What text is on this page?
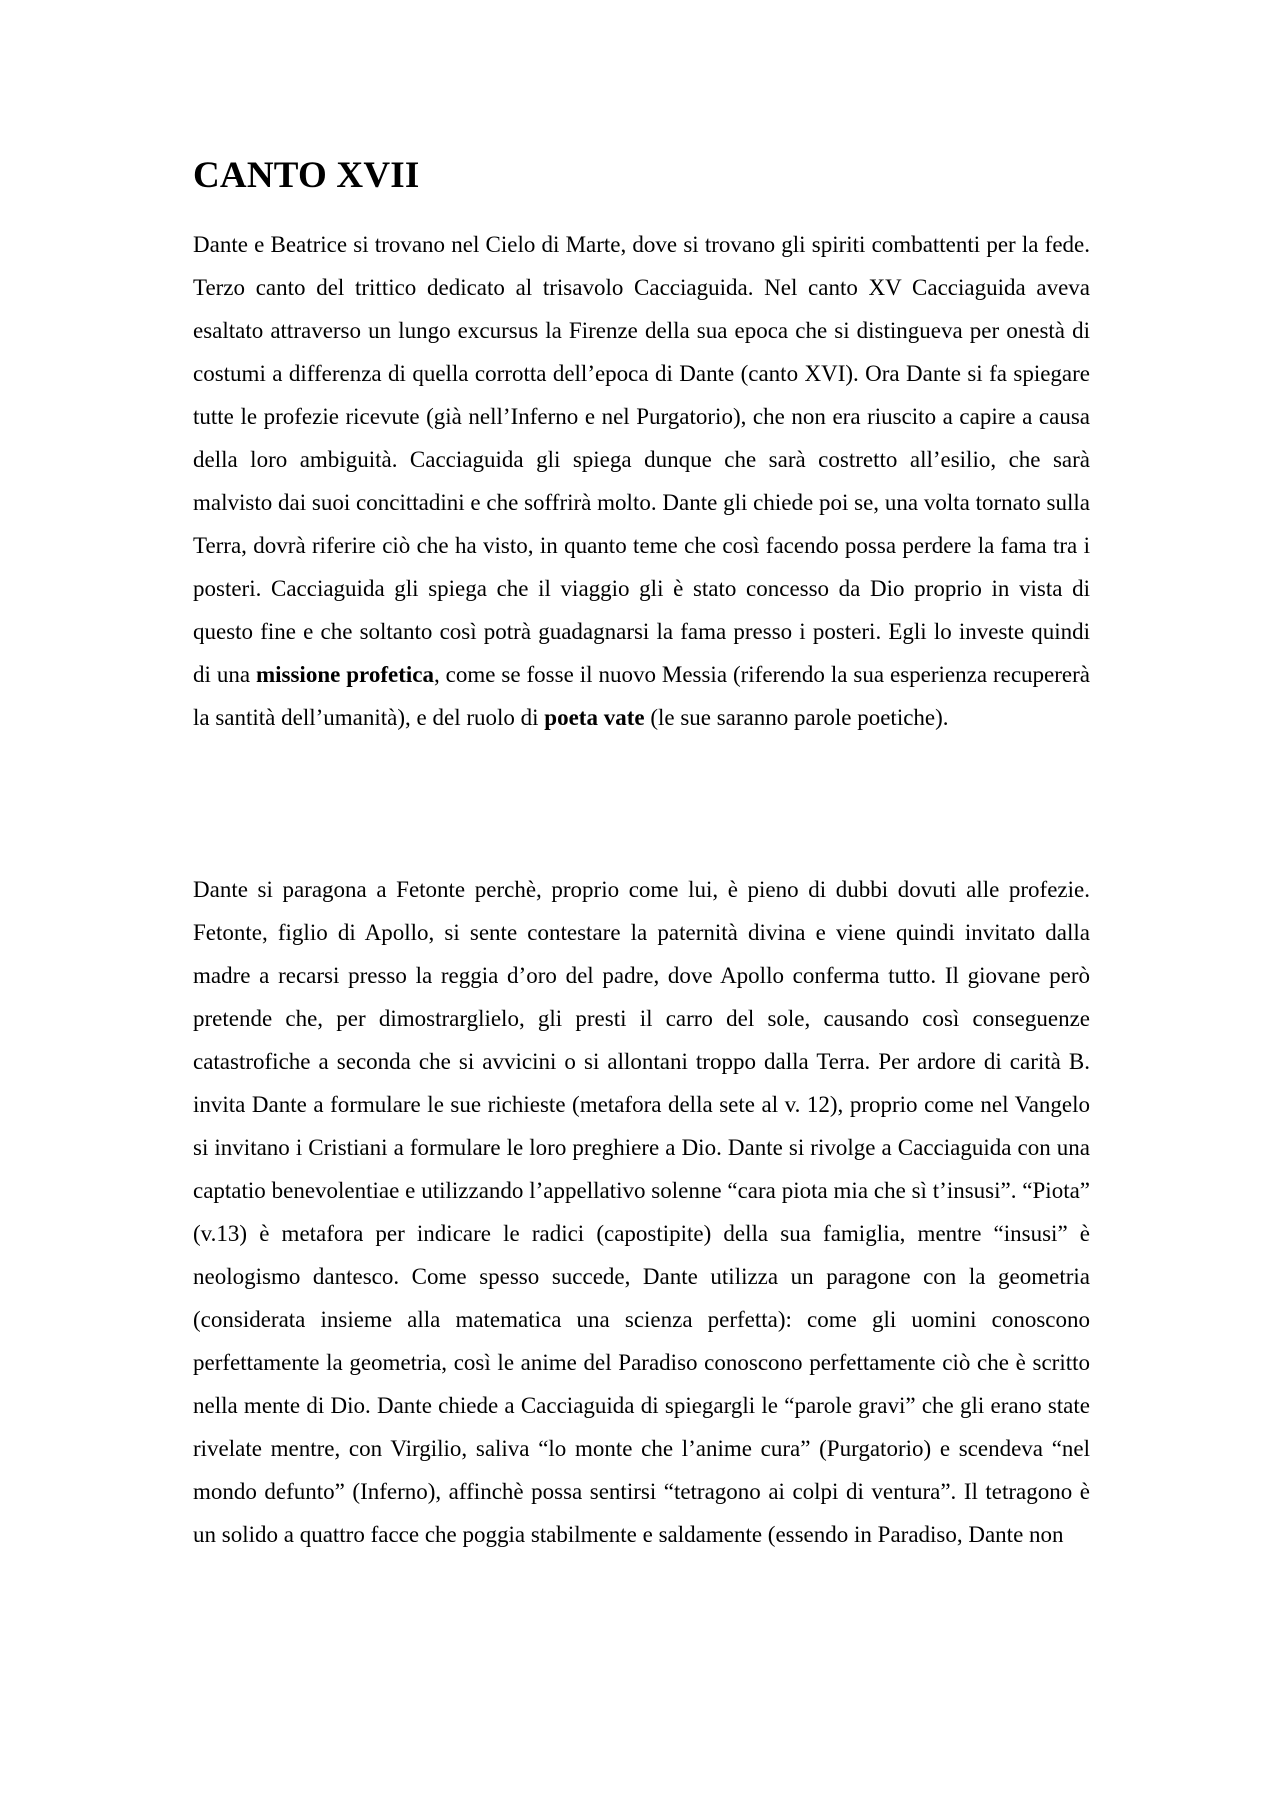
CANTO XVII

Dante e Beatrice si trovano nel Cielo di Marte, dove si trovano gli spiriti combattenti per la fede. Terzo canto del trittico dedicato al trisavolo Cacciaguida. Nel canto XV Cacciaguida aveva esaltato attraverso un lungo excursus la Firenze della sua epoca che si distingueva per onestà di costumi a differenza di quella corrotta dell’epoca di Dante (canto XVI). Ora Dante si fa spiegare tutte le profezie ricevute (già nell’Inferno e nel Purgatorio), che non era riuscito a capire a causa della loro ambiguità. Cacciaguida gli spiega dunque che sarà costretto all’esilio, che sarà malvisto dai suoi concittadini e che soffrirà molto. Dante gli chiede poi se, una volta tornato sulla Terra, dovrà riferire ciò che ha visto, in quanto teme che così facendo possa perdere la fama tra i posteri. Cacciaguida gli spiega che il viaggio gli è stato concesso da Dio proprio in vista di questo fine e che soltanto così potrà guadagnarsi la fama presso i posteri. Egli lo investe quindi di una missione profetica, come se fosse il nuovo Messia (riferendo la sua esperienza recupererà la santità dell’umanità), e del ruolo di poeta vate (le sue saranno parole poetiche).

Dante si paragona a Fetonte perchè, proprio come lui, è pieno di dubbi dovuti alle profezie. Fetonte, figlio di Apollo, si sente contestare la paternità divina e viene quindi invitato dalla madre a recarsi presso la reggia d’oro del padre, dove Apollo conferma tutto. Il giovane però pretende che, per dimostrarglielo, gli presti il carro del sole, causando così conseguenze catastrofiche a seconda che si avvicini o si allontani troppo dalla Terra. Per ardore di carità B. invita Dante a formulare le sue richieste (metafora della sete al v. 12), proprio come nel Vangelo si invitano i Cristiani a formulare le loro preghiere a Dio. Dante si rivolge a Cacciaguida con una captatio benevolentiae e utilizzando l’appellativo solenne “cara piota mia che sì t’insusi”. “Piota” (v.13) è metafora per indicare le radici (capostipite) della sua famiglia, mentre “insusi” è neologismo dantesco. Come spesso succede, Dante utilizza un paragone con la geometria (considerata insieme alla matematica una scienza perfetta): come gli uomini conoscono perfettamente la geometria, così le anime del Paradiso conoscono perfettamente ciò che è scritto nella mente di Dio. Dante chiede a Cacciaguida di spiegargli le “parole gravi” che gli erano state rivelate mentre, con Virgilio, saliva “lo monte che l’anime cura” (Purgatorio) e scendeva “nel mondo defunto” (Inferno), affinchè possa sentirsi “tetragono ai colpi di ventura”. Il tetragono è un solido a quattro facce che poggia stabilmente e saldamente (essendo in Paradiso, Dante non
